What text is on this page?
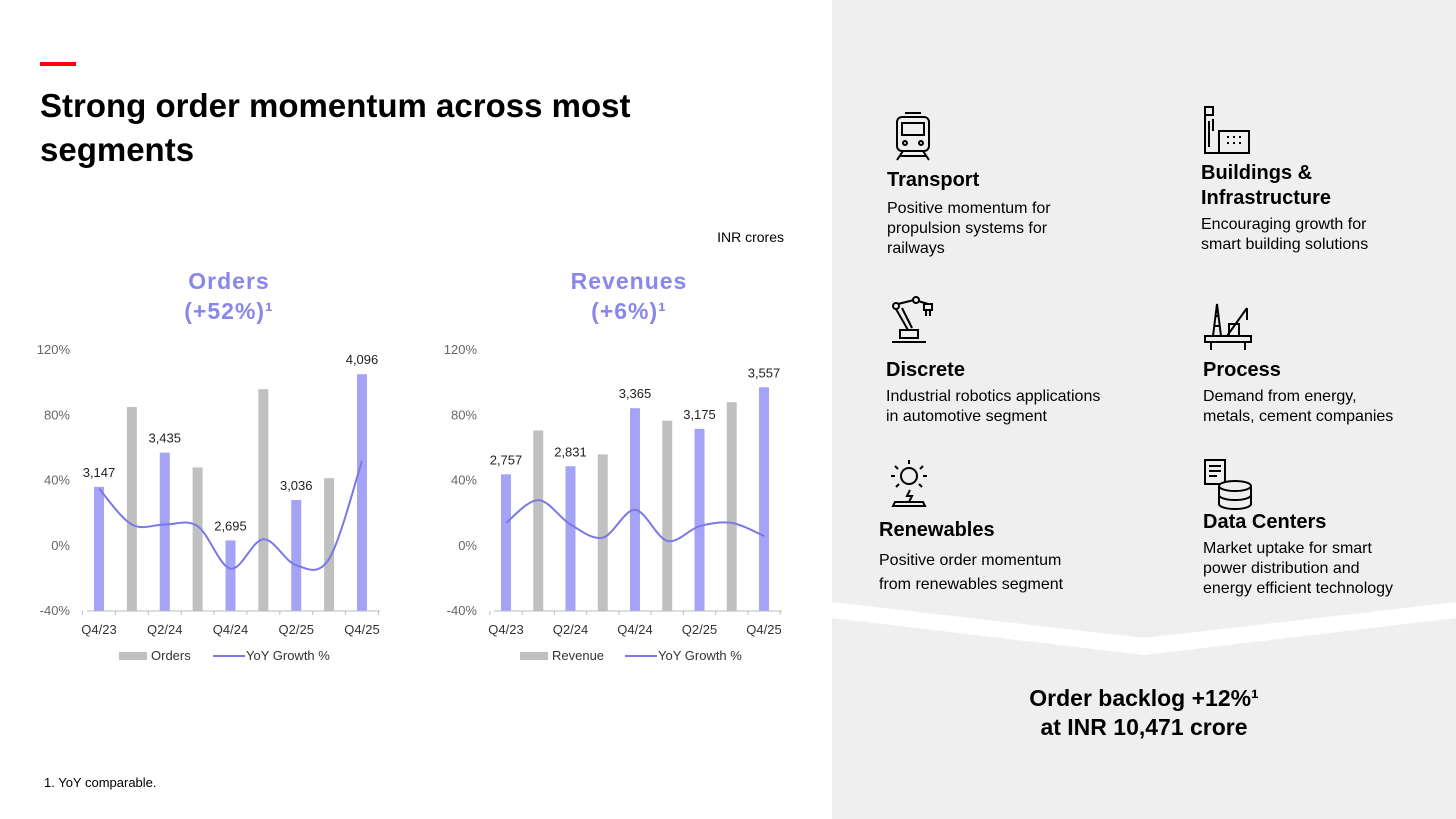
Strong order momentum across most segments
INR crores
Orders
(+52%)¹
120%
80%
40%
0%
-40%
3,147
3,435
2,695
3,036
4,096
Q4/23 Q2/24 Q4/24 Q2/25 Q4/25
Orders	YoY Growth %
Revenues
(+6%)¹
120%
80%
40%
0%
-40%
2,757
2,831
3,365
3,175
3,557
Q4/23 Q2/24 Q4/24 Q2/25 Q4/25
Revenue	YoY Growth %
1. YoY comparable.
Transport

Positive momentum for

propulsion systems for

railways

Buildings &
Infrastructure

Encouraging growth for

smart building solutions

Discrete

Industrial robotics applications

in automotive segment

Process

Demand from energy,

metals, cement companies

Renewables

Positive order momentum

from renewables segment

Data Centers

Market uptake for smart

power distribution and

energy efficient technology

Order backlog +12%¹
at INR 10,471 crore
